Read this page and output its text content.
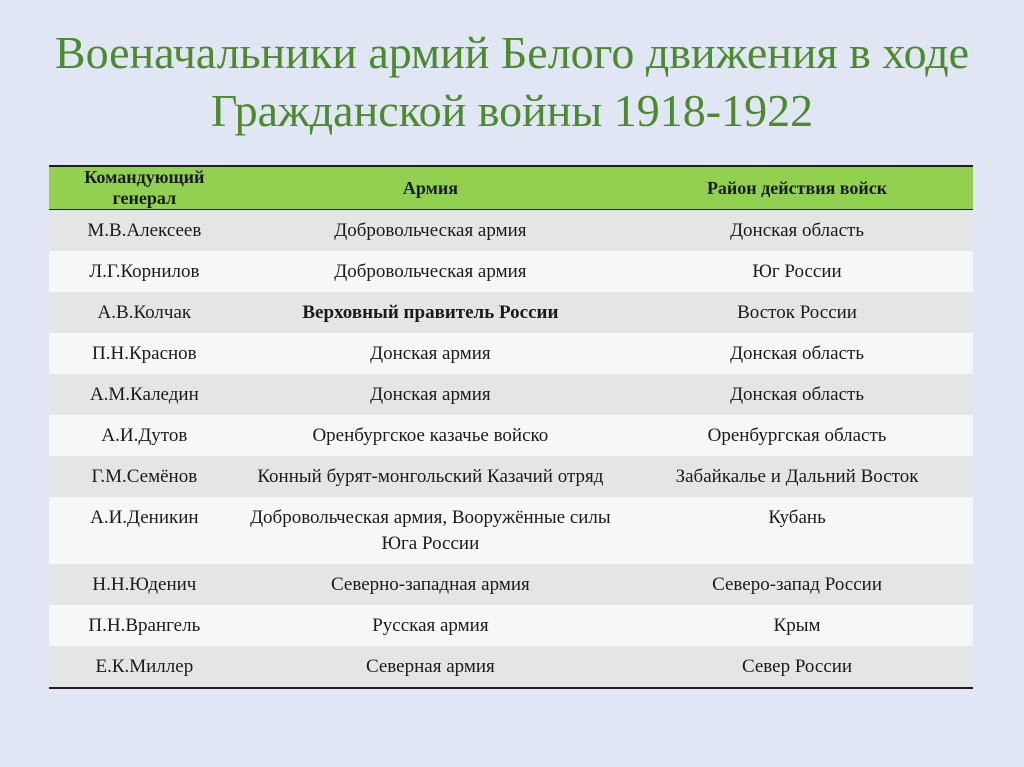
Военачальники армий Белого движения в ходе Гражданской войны 1918-1922
Командующий генерал	Армия	Район действия войск
М.В.Алексеев	Добровольческая армия	Донская область
Л.Г.Корнилов	Добровольческая армия	Юг России
А.В.Колчак	Верховный правитель России	Восток России
П.Н.Краснов	Донская армия	Донская область
А.М.Каледин	Донская армия	Донская область
А.И.Дутов	Оренбургское казачье войско	Оренбургская область
Г.М.Семёнов	Конный бурят-монгольский Казачий отряд	Забайкалье и Дальний Восток
А.И.Деникин	Добровольческая армия, Вооружённые силы Юга России	Кубань
Н.Н.Юденич	Северно-западная армия	Северо-запад России
П.Н.Врангель	Русская армия	Крым
Е.К.Миллер	Северная армия	Север России
